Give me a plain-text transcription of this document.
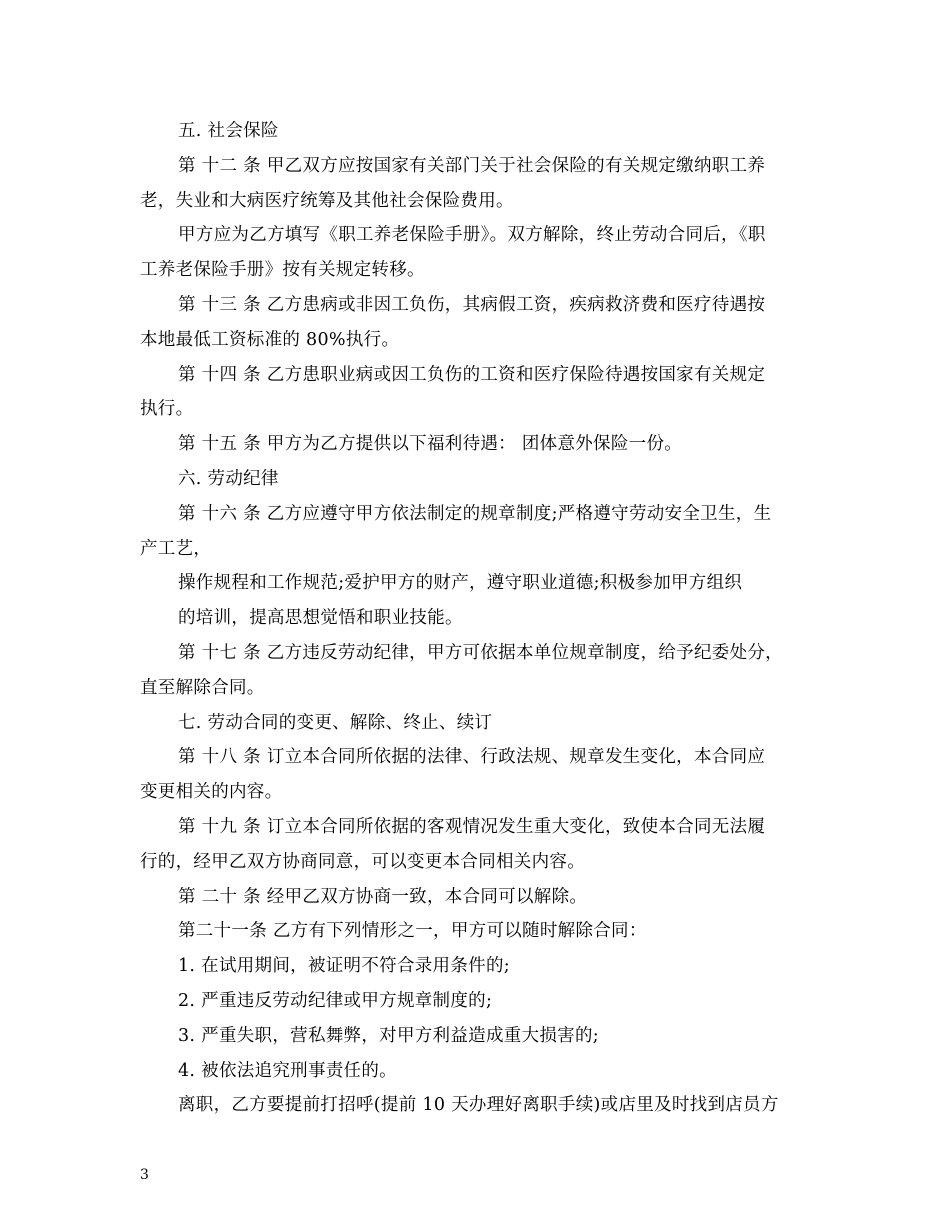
五. 社会保险
第 十二 条 甲乙双方应按国家有关部门关于社会保险的有关规定缴纳职工养
老，失业和大病医疗统筹及其他社会保险费用。
甲方应为乙方填写《职工养老保险手册》。双方解除，终止劳动合同后，《职
工养老保险手册》按有关规定转移。
第 十三 条 乙方患病或非因工负伤，其病假工资，疾病救济费和医疗待遇按
本地最低工资标准的 80%执行。
第 十四 条 乙方患职业病或因工负伤的工资和医疗保险待遇按国家有关规定
执行。
第 十五 条 甲方为乙方提供以下福利待遇： 团体意外保险一份。
六. 劳动纪律
第 十六 条 乙方应遵守甲方依法制定的规章制度;严格遵守劳动安全卫生，生
产工艺，
操作规程和工作规范;爱护甲方的财产，遵守职业道德;积极参加甲方组织
的培训，提高思想觉悟和职业技能。
第 十七 条 乙方违反劳动纪律，甲方可依据本单位规章制度，给予纪委处分，
直至解除合同。
七. 劳动合同的变更、解除、终止、续订
第 十八 条 订立本合同所依据的法律、行政法规、规章发生变化，本合同应
变更相关的内容。
第 十九 条 订立本合同所依据的客观情况发生重大变化，致使本合同无法履
行的，经甲乙双方协商同意，可以变更本合同相关内容。
第 二十 条 经甲乙双方协商一致，本合同可以解除。
第二十一条 乙方有下列情形之一，甲方可以随时解除合同：
1. 在试用期间，被证明不符合录用条件的;
2. 严重违反劳动纪律或甲方规章制度的;
3. 严重失职，营私舞弊，对甲方利益造成重大损害的;
4. 被依法追究刑事责任的。
离职，乙方要提前打招呼(提前 10 天办理好离职手续)或店里及时找到店员方
3
